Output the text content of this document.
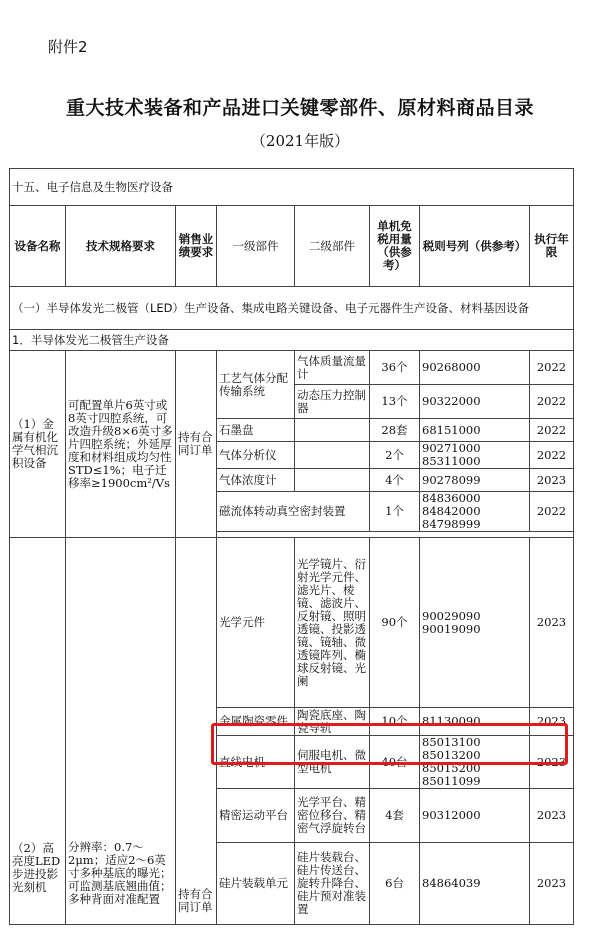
附件2
重大技术装备和产品进口关键零部件、原材料商品目录
（2021年版）
十五、电子信息及生物医疗设备							
设备名称	技术规格要求	销售业绩要求	一级部件	二级部件	单机免税用量（供参考）	税则号列（供参考）	执行年限
（一）半导体发光二极管（LED）生产设备、集成电路关键设备、电子元器件生产设备、材料基因设备							
1．半导体发光二极管生产设备							
（1）金属有机化学气相沉积设备	可配置单片6英寸或8英寸四腔系统，可改造升级8×6英寸多片四腔系统；外延厚度和材料组成均匀性STD≤1%；电子迁移率≥1900cm²/Vs	持有合同订单	工艺气体分配传输系统	气体质量流量计	36个	90268000	2022
				动态压力控制器	13个	90322000	2022
			石墨盘		28套	68151000	2022
			气体分析仪		2个	90271000 85311000	2022
			气体浓度计		4个	90278099	2023
			磁流体转动真空密封装置		1个	84836000 84842000 84798999	2022

（2）高亮度LED步进投影光刻机	分辨率：0.7～2μm；适应2～6英寸多种基底的曝光；可监测基底翘曲值；多种背面对准配置	持有合同订单	光学元件	光学镜片、衍射光学元件、滤光片、棱镜、滤波片、反射镜、照明透镜、投影透镜、镜轴、微透镜阵列、椭球反射镜、光阑	90个	90029090 90019090	2023
			金属陶瓷零件	陶瓷底座、陶瓷导轨	10个	81130090	2023
			直线电机	伺服电机、微型电机	40台	85013100 85013200 85015200 85011099	2023
			精密运动平台	光学平台、精密位移台、精密气浮旋转台	4套	90312000	2023
			硅片装载单元	硅片装载台、硅片传送台、旋转升降台、硅片预对准装置	6台	84864039	2023
